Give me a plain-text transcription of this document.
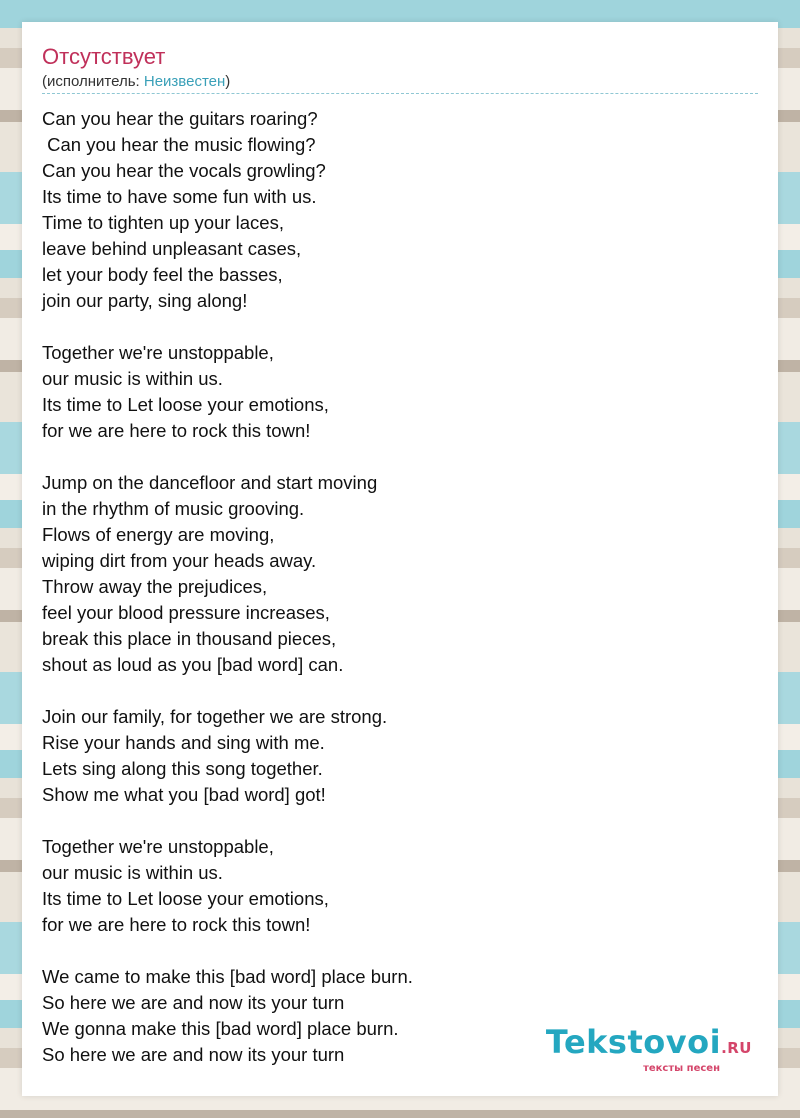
Отсутствует
(исполнитель: Неизвестен)
Can you hear the guitars roaring?
Can you hear the music flowing?
Can you hear the vocals growling?
Its time to have some fun with us.
Time to tighten up your laces,
leave behind unpleasant cases,
let your body feel the basses,
join our party, sing along!
Together we're unstoppable,
our music is within us.
Its time to Let loose your emotions,
for we are here to rock this town!
Jump on the dancefloor and start moving
in the rhythm of music grooving.
Flows of energy are moving,
wiping dirt from your heads away.
Throw away the prejudices,
feel your blood pressure increases,
break this place in thousand pieces,
shout as loud as you [bad word] can.
Join our family, for together we are strong.
Rise your hands and sing with me.
Lets sing along this song together.
Show me what you [bad word] got!
Together we're unstoppable,
our music is within us.
Its time to Let loose your emotions,
for we are here to rock this town!
We came to make this [bad word] place burn.
So here we are and now its your turn
We gonna make this [bad word] place burn.
So here we are and now its your turn	Tekstovoi.RU
тексты песен
